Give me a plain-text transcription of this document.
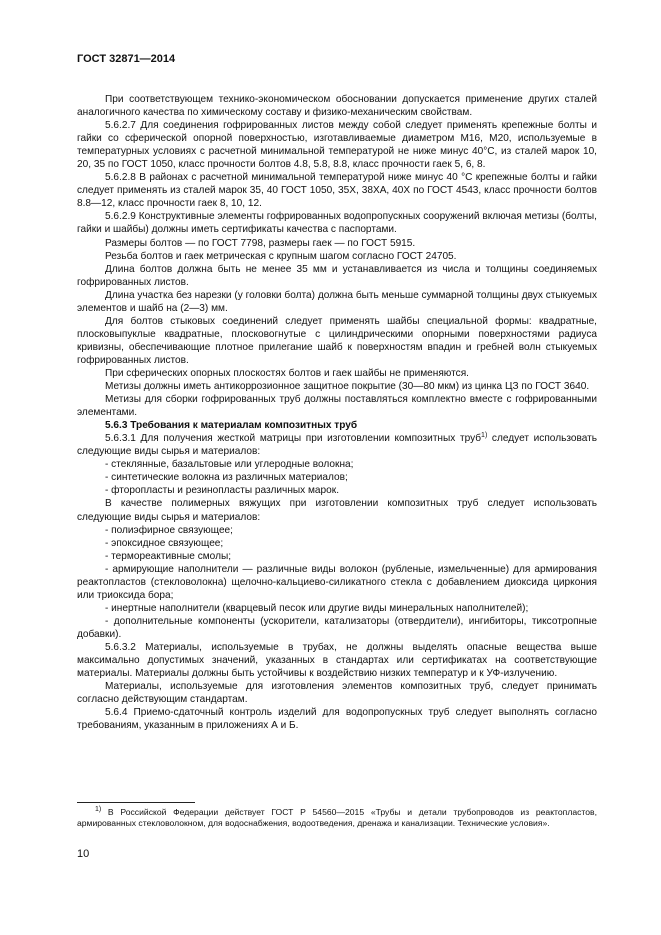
ГОСТ 32871—2014

При соответствующем технико-экономическом обосновании допускается применение других сталей аналогичного качества по химическому составу и физико-механическим свойствам.

5.6.2.7 Для соединения гофрированных листов между собой следует применять крепежные болты и гайки со сферической опорной поверхностью, изготавливаемые диаметром М16, М20, используемые в температурных условиях с расчетной минимальной температурой не ниже минус 40°С, из сталей марок 10, 20, 35 по ГОСТ 1050, класс прочности болтов 4.8, 5.8, 8.8, класс прочности гаек 5, 6, 8.

5.6.2.8 В районах с расчетной минимальной температурой ниже минус 40 °С крепежные болты и гайки следует применять из сталей марок 35, 40 ГОСТ 1050, 35Х, 38ХА, 40Х по ГОСТ 4543, класс прочности болтов 8.8—12, класс прочности гаек 8, 10, 12.

5.6.2.9 Конструктивные элементы гофрированных водопропускных сооружений включая метизы (болты, гайки и шайбы) должны иметь сертификаты качества с паспортами.

Размеры болтов — по ГОСТ 7798, размеры гаек — по ГОСТ 5915.

Резьба болтов и гаек метрическая с крупным шагом согласно ГОСТ 24705.

Длина болтов должна быть не менее 35 мм и устанавливается из числа и толщины соединяемых гофрированных листов.

Длина участка без нарезки (у головки болта) должна быть меньше суммарной толщины двух стыкуемых элементов и шайб на (2—3) мм.

Для болтов стыковых соединений следует применять шайбы специальной формы: квадратные, плосковыпуклые квадратные, плосковогнутые с цилиндрическими опорными поверхностями радиуса кривизны, обеспечивающие плотное прилегание шайб к поверхностям впадин и гребней волн стыкуемых гофрированных листов.

При сферических опорных плоскостях болтов и гаек шайбы не применяются.

Метизы должны иметь антикоррозионное защитное покрытие (30—80 мкм) из цинка ЦЗ по ГОСТ 3640.

Метизы для сборки гофрированных труб должны поставляться комплектно вместе с гофрированными элементами.

5.6.3 Требования к материалам композитных труб

5.6.3.1 Для получения жесткой матрицы при изготовлении композитных труб$^{1)}$ следует использовать следующие виды сырья и материалов:

- стеклянные, базальтовые или углеродные волокна;

- синтетические волокна из различных материалов;

- фторопласты и резинопласты различных марок.

В качестве полимерных вяжущих при изготовлении композитных труб следует использовать следующие виды сырья и материалов:

- полиэфирное связующее;

- эпоксидное связующее;

- термореактивные смолы;

- армирующие наполнители — различные виды волокон (рубленые, измельченные) для армирования реактопластов (стекловолокна) щелочно-кальциево-силикатного стекла с добавлением диоксида циркония или триоксида бора;

- инертные наполнители (кварцевый песок или другие виды минеральных наполнителей);

- дополнительные компоненты (ускорители, катализаторы (отвердители), ингибиторы, тиксотропные добавки).

5.6.3.2 Материалы, используемые в трубах, не должны выделять опасные вещества выше максимально допустимых значений, указанных в стандартах или сертификатах на соответствующие материалы. Материалы должны быть устойчивы к воздействию низких температур и к УФ-излучению.

Материалы, используемые для изготовления элементов композитных труб, следует принимать согласно действующим стандартам.

5.6.4 Приемо-сдаточный контроль изделий для водопропускных труб следует выполнять согласно требованиям, указанным в приложениях А и Б.

$^{1)}$ В Российской Федерации действует ГОСТ Р 54560—2015 «Трубы и детали трубопроводов из реактопластов, армированных стекловолокном, для водоснабжения, водоотведения, дренажа и канализации. Технические условия».

10
